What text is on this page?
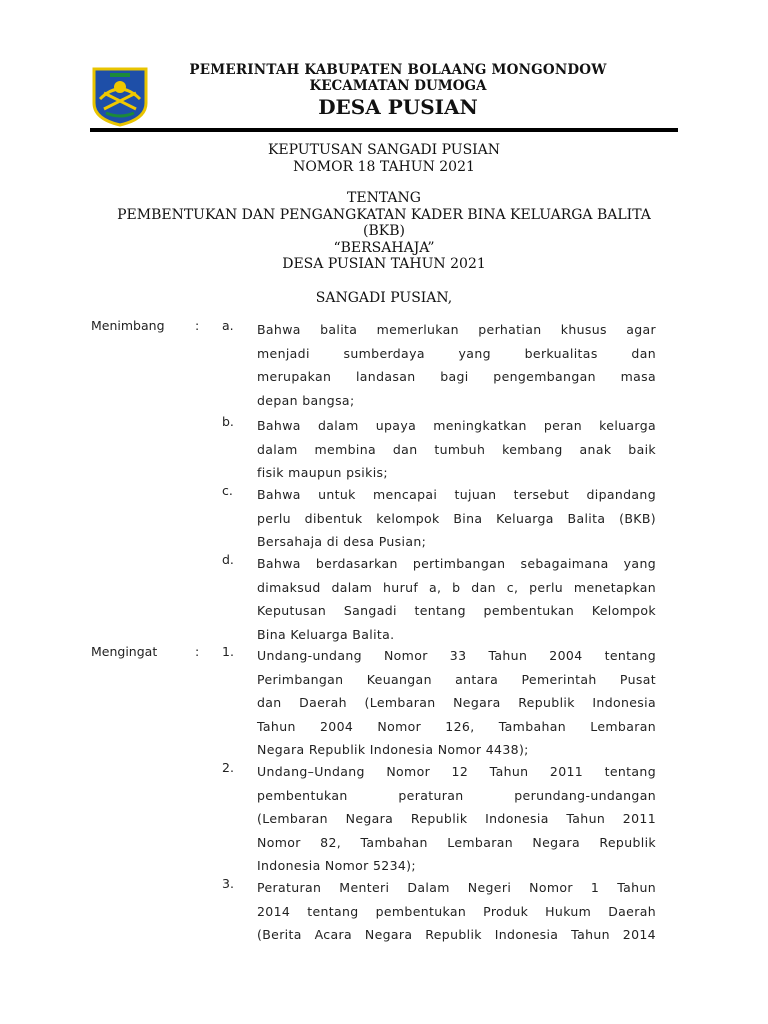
PEMERINTAH KABUPATEN BOLAANG MONGONDOW
KECAMATAN DUMOGA
DESA PUSIAN
KEPUTUSAN SANGADI PUSIAN
NOMOR 18 TAHUN 2021
TENTANG
PEMBENTUKAN DAN PENGANGKATAN KADER BINA KELUARGA BALITA
(BKB)
“BERSAHAJA”
DESA PUSIAN TAHUN 2021
SANGADI PUSIAN,
Menimbang : a. Bahwa balita memerlukan perhatian khusus agar
menjadi sumberdaya yang berkualitas dan
merupakan landasan bagi pengembangan masa
depan bangsa;
b. Bahwa dalam upaya meningkatkan peran keluarga
dalam membina dan tumbuh kembang anak baik
fisik maupun psikis;
c. Bahwa untuk mencapai tujuan tersebut dipandang
perlu dibentuk kelompok Bina Keluarga Balita (BKB)
Bersahaja di desa Pusian;
d. Bahwa berdasarkan pertimbangan sebagaimana yang
dimaksud dalam huruf a, b dan c, perlu menetapkan
Keputusan Sangadi tentang pembentukan Kelompok
Bina Keluarga Balita.
Mengingat	: 1. Undang-undang Nomor 33 Tahun 2004 tentang
Perimbangan Keuangan antara Pemerintah Pusat
dan Daerah (Lembaran Negara Republik Indonesia
Tahun 2004 Nomor 126, Tambahan Lembaran
Negara Republik Indonesia Nomor 4438);
2. Undang–Undang Nomor 12 Tahun 2011 tentang
pembentukan peraturan perundang-undangan
(Lembaran Negara Republik Indonesia Tahun 2011
Nomor 82, Tambahan Lembaran Negara Republik
Indonesia Nomor 5234);
3. Peraturan Menteri Dalam Negeri Nomor 1 Tahun
2014 tentang pembentukan Produk Hukum Daerah
(Berita Acara Negara Republik Indonesia Tahun 2014
